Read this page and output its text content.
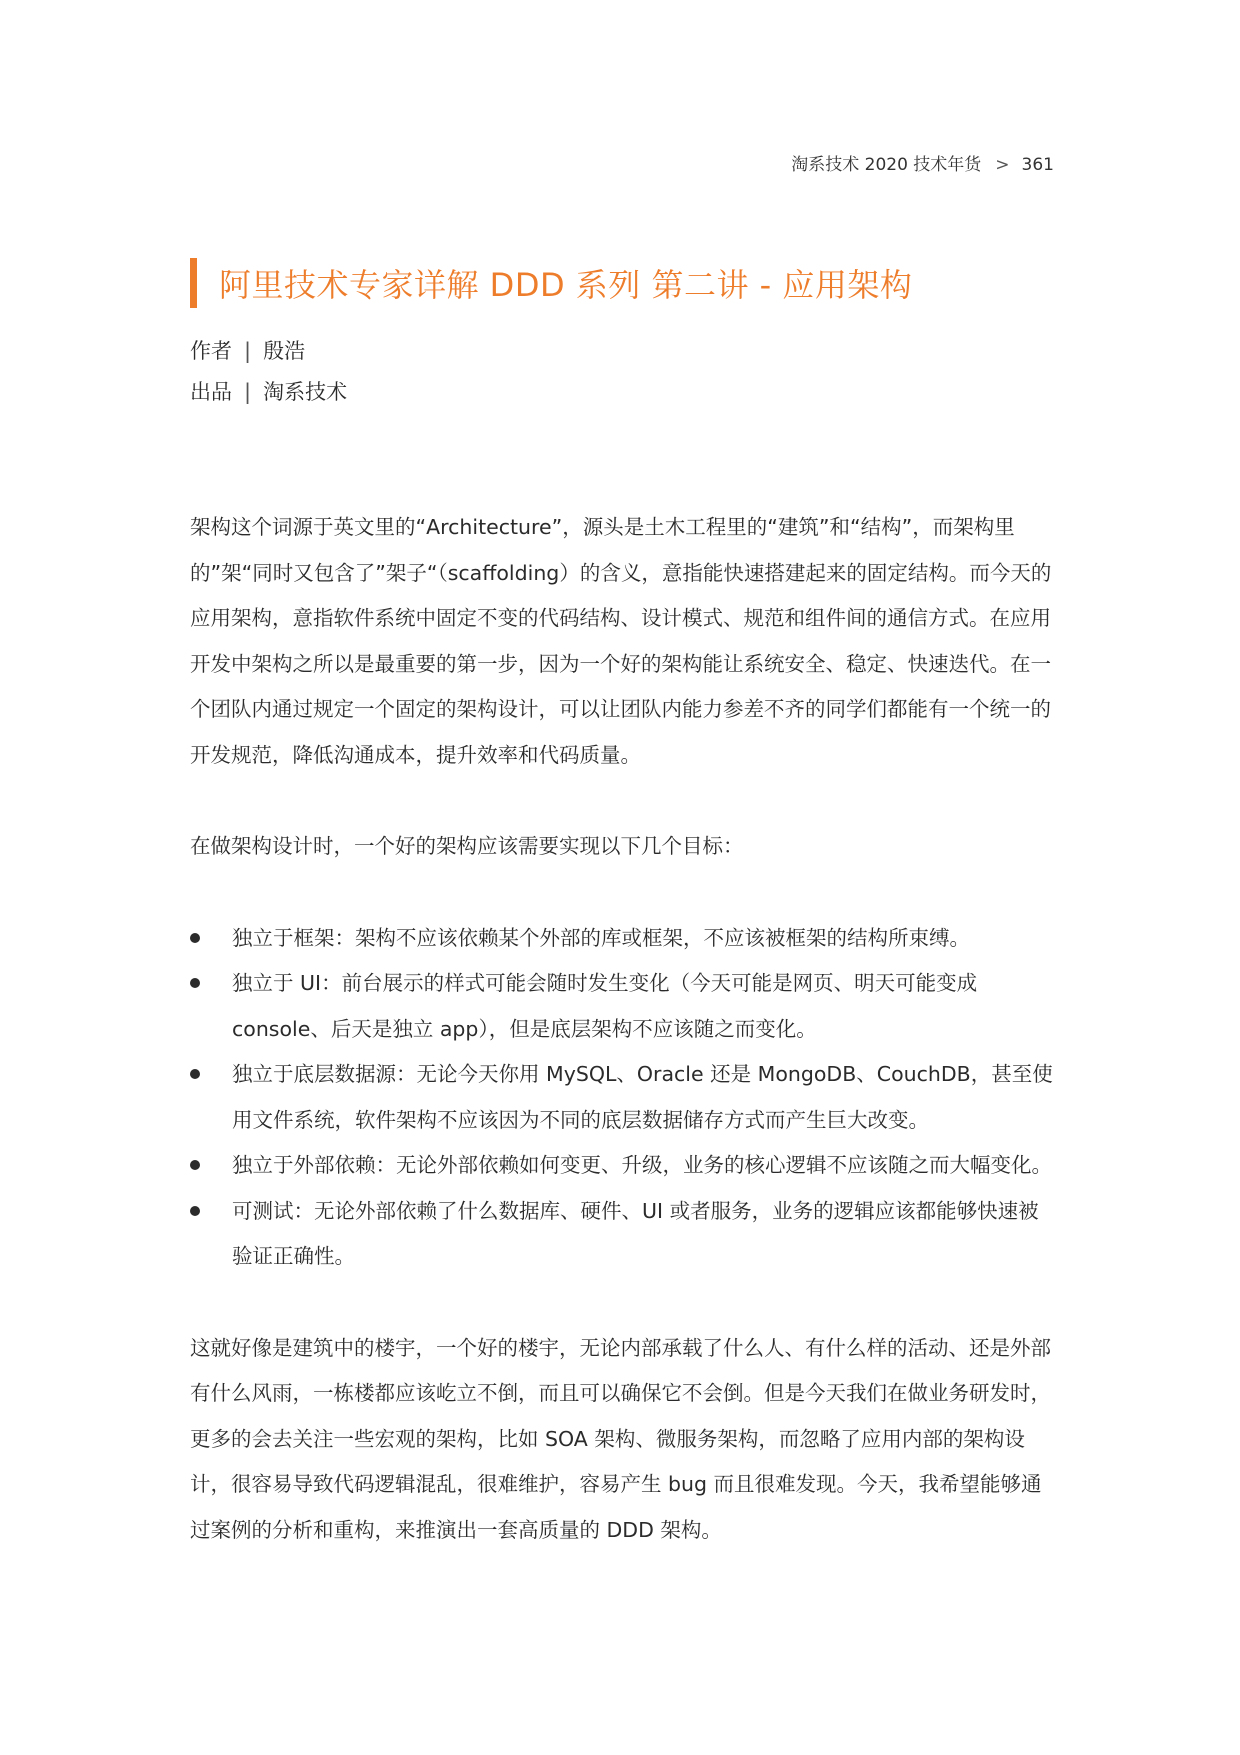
淘系技术 2020 技术年货 > 361
阿里技术专家详解 DDD 系列 第二讲 - 应用架构
作者 | 殷浩
出品 | 淘系技术

架构这个词源于英文里的“Architecture”，源头是土木工程里的“建筑”和“结构”，而架构里的”架“同时又包含了”架子“（scaffolding）的含义，意指能快速搭建起来的固定结构。而今天的应用架构，意指软件系统中固定不变的代码结构、设计模式、规范和组件间的通信方式。在应用开发中架构之所以是最重要的第一步，因为一个好的架构能让系统安全、稳定、快速迭代。在一个团队内通过规定一个固定的架构设计，可以让团队内能力参差不齐的同学们都能有一个统一的开发规范，降低沟通成本，提升效率和代码质量。

在做架构设计时，一个好的架构应该需要实现以下几个目标：

独立于框架：架构不应该依赖某个外部的库或框架，不应该被框架的结构所束缚。
独立于 UI：前台展示的样式可能会随时发生变化（今天可能是网页、明天可能变成 console、后天是独立 app），但是底层架构不应该随之而变化。
独立于底层数据源：无论今天你用 MySQL、Oracle 还是 MongoDB、CouchDB，甚至使用文件系统，软件架构不应该因为不同的底层数据储存方式而产生巨大改变。
独立于外部依赖：无论外部依赖如何变更、升级，业务的核心逻辑不应该随之而大幅变化。
可测试：无论外部依赖了什么数据库、硬件、UI 或者服务，业务的逻辑应该都能够快速被验证正确性。

这就好像是建筑中的楼宇，一个好的楼宇，无论内部承载了什么人、有什么样的活动、还是外部有什么风雨，一栋楼都应该屹立不倒，而且可以确保它不会倒。但是今天我们在做业务研发时，更多的会去关注一些宏观的架构，比如 SOA 架构、微服务架构，而忽略了应用内部的架构设计，很容易导致代码逻辑混乱，很难维护，容易产生 bug 而且很难发现。今天，我希望能够通过案例的分析和重构，来推演出一套高质量的 DDD 架构。
